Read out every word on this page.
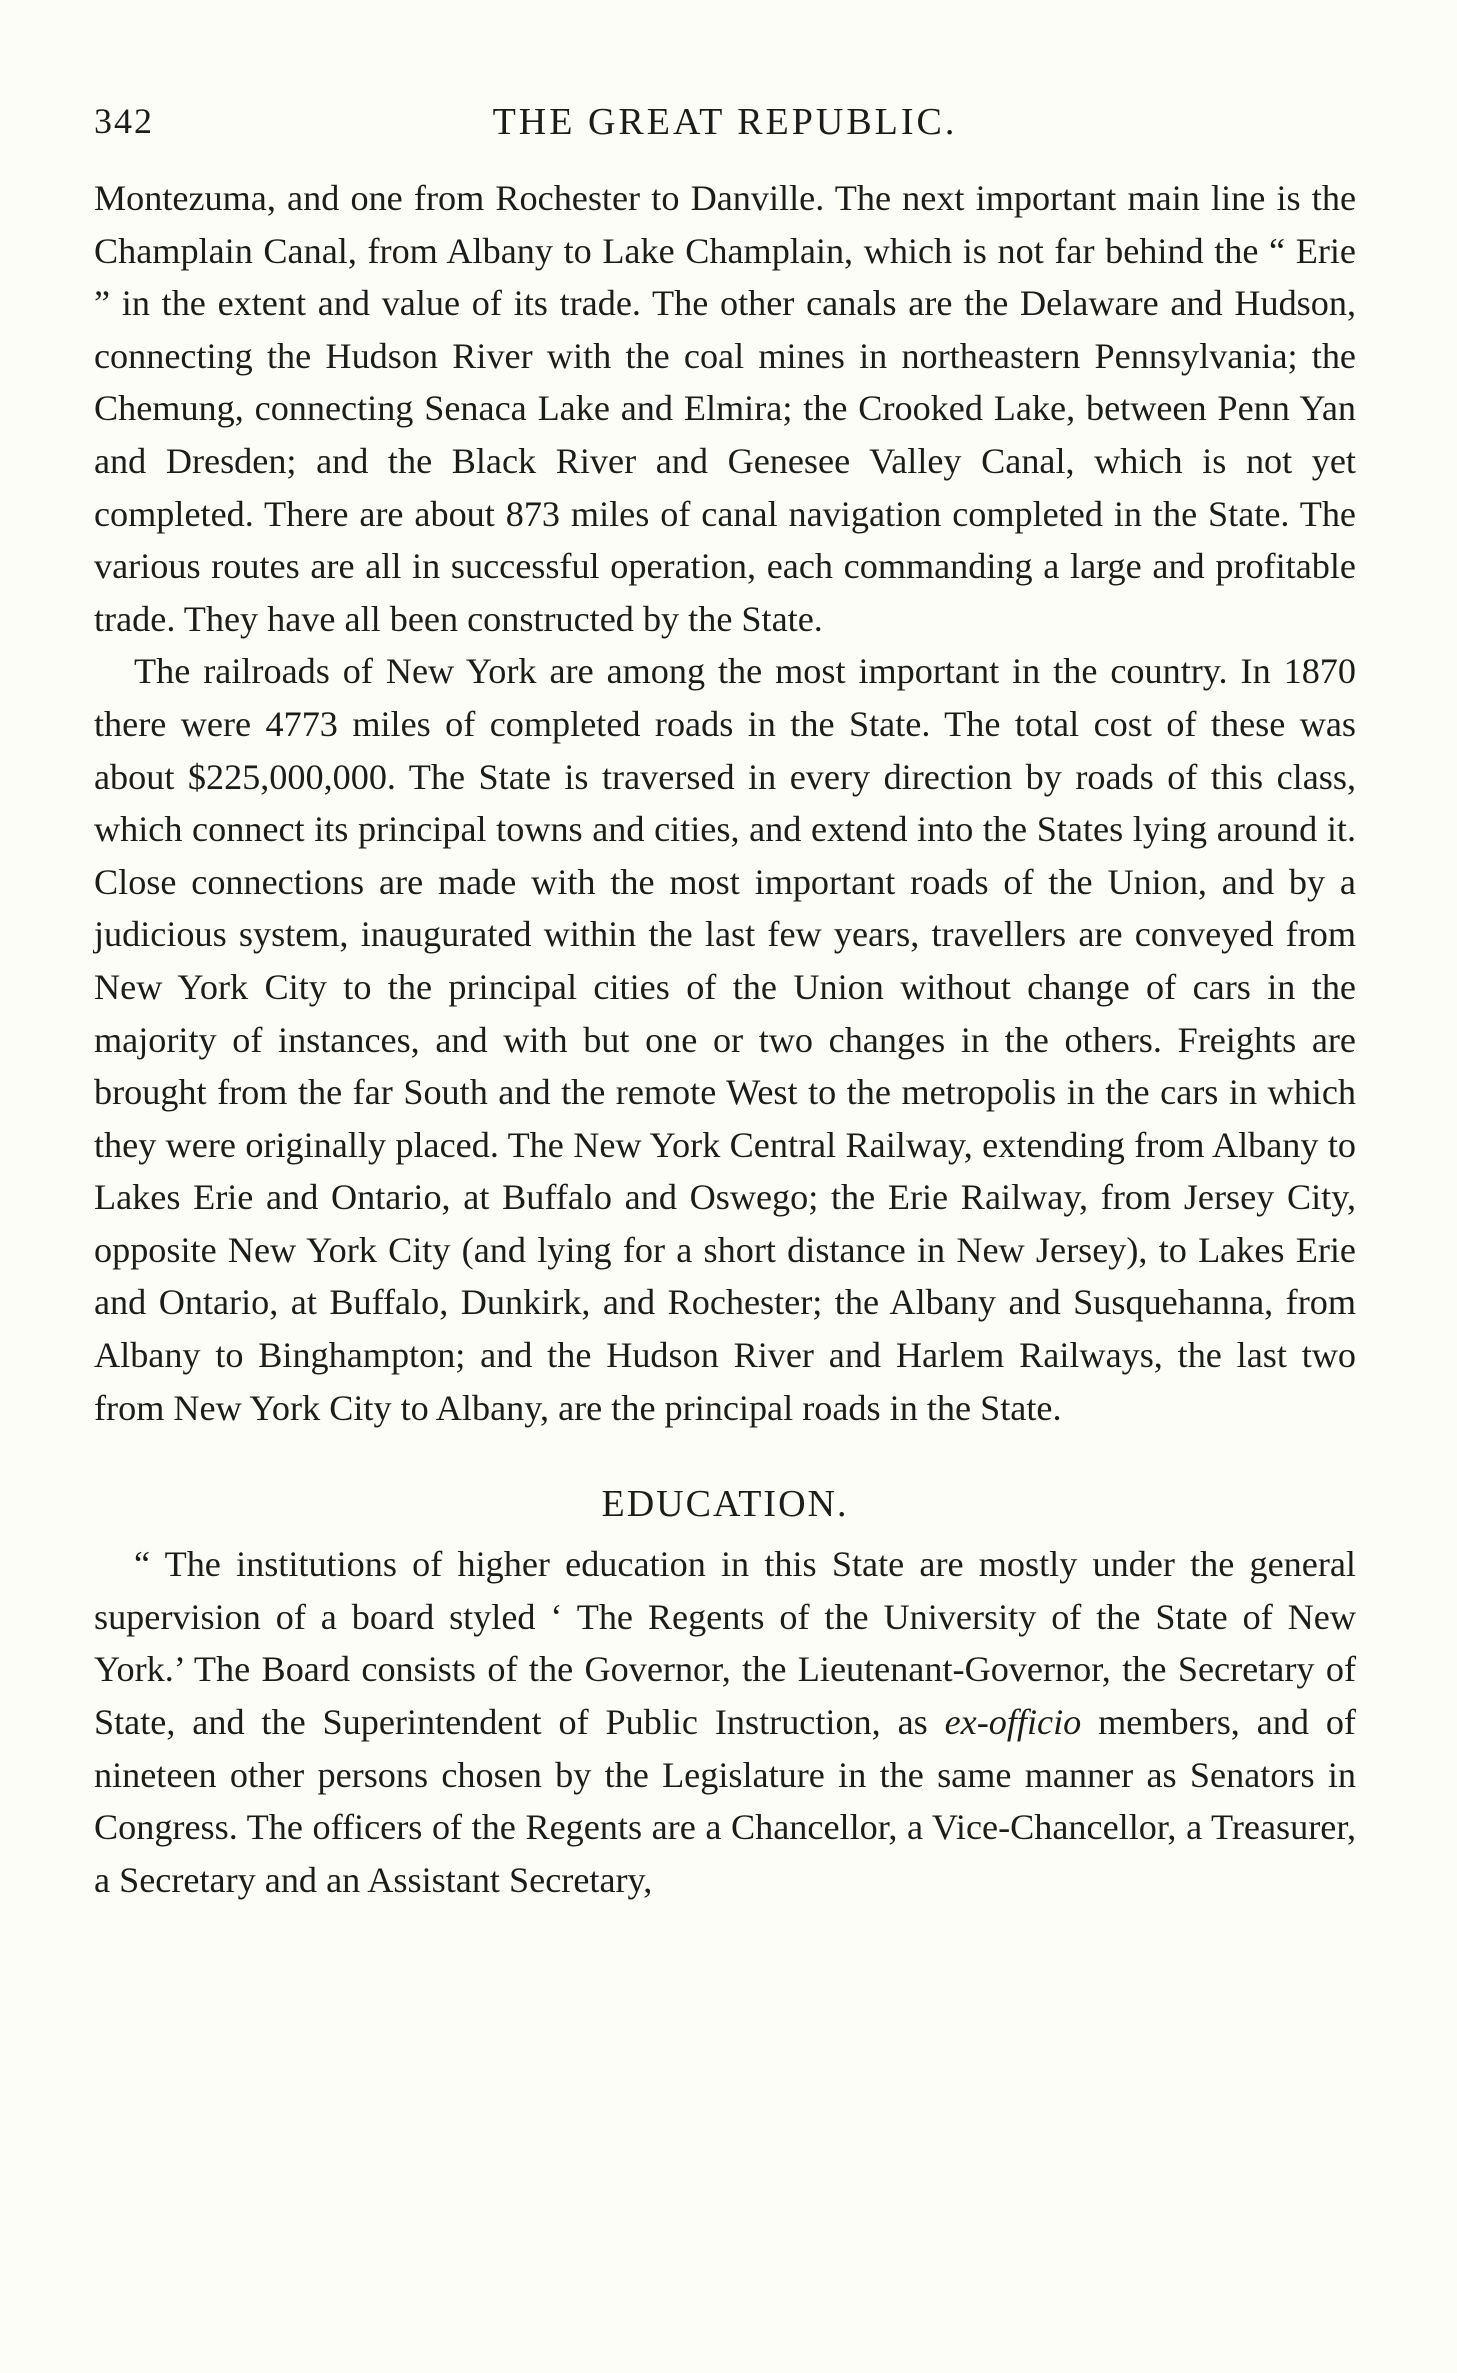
342	THE GREAT REPUBLIC.

Montezuma, and one from Rochester to Danville. The next important main line is the Champlain Canal, from Albany to Lake Champlain, which is not far behind the “ Erie ” in the extent and value of its trade. The other canals are the Delaware and Hudson, connecting the Hudson River with the coal mines in northeastern Pennsylvania; the Chemung, connecting Senaca Lake and Elmira; the Crooked Lake, between Penn Yan and Dresden; and the Black River and Genesee Valley Canal, which is not yet completed. There are about 873 miles of canal navigation completed in the State. The various routes are all in successful operation, each commanding a large and profitable trade. They have all been constructed by the State.

The railroads of New York are among the most important in the country. In 1870 there were 4773 miles of completed roads in the State. The total cost of these was about $225,000,000. The State is traversed in every direction by roads of this class, which connect its principal towns and cities, and extend into the States lying around it. Close connections are made with the most important roads of the Union, and by a judicious system, inaugurated within the last few years, travellers are conveyed from New York City to the principal cities of the Union without change of cars in the majority of instances, and with but one or two changes in the others. Freights are brought from the far South and the remote West to the metropolis in the cars in which they were originally placed. The New York Central Railway, extending from Albany to Lakes Erie and Ontario, at Buffalo and Oswego; the Erie Railway, from Jersey City, opposite New York City (and lying for a short distance in New Jersey), to Lakes Erie and Ontario, at Buffalo, Dunkirk, and Rochester; the Albany and Susquehanna, from Albany to Binghampton; and the Hudson River and Harlem Railways, the last two from New York City to Albany, are the principal roads in the State.

EDUCATION.

“ The institutions of higher education in this State are mostly under the general supervision of a board styled ‘ The Regents of the University of the State of New York.’ The Board consists of the Governor, the Lieutenant-Governor, the Secretary of State, and the Superintendent of Public Instruction, as ex-officio members, and of nineteen other persons chosen by the Legislature in the same manner as Senators in Congress. The officers of the Regents are a Chancellor, a Vice-Chancellor, a Treasurer, a Secretary and an Assistant Secretary,
